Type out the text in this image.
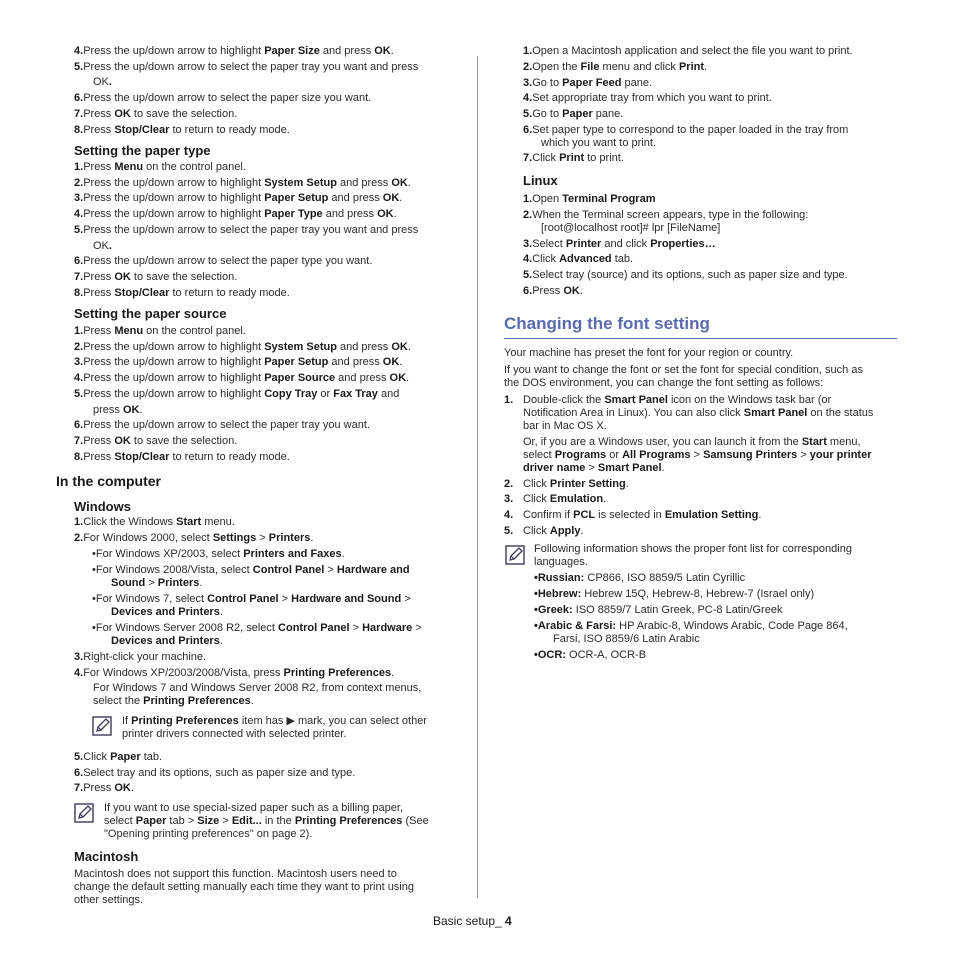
4.Press the up/down arrow to highlight Paper Size and press OK.
5.Press the up/down arrow to select the paper tray you want and press
OK.
6.Press the up/down arrow to select the paper size you want.
7.Press OK to save the selection.
8.Press Stop/Clear to return to ready mode.
Setting the paper type
1.Press Menu on the control panel.
2.Press the up/down arrow to highlight System Setup and press OK.
3.Press the up/down arrow to highlight Paper Setup and press OK.
4.Press the up/down arrow to highlight Paper Type and press OK.
5.Press the up/down arrow to select the paper tray you want and press
OK.
6.Press the up/down arrow to select the paper type you want.
7.Press OK to save the selection.
8.Press Stop/Clear to return to ready mode.
Setting the paper source
1.Press Menu on the control panel.
2.Press the up/down arrow to highlight System Setup and press OK.
3.Press the up/down arrow to highlight Paper Setup and press OK.
4.Press the up/down arrow to highlight Paper Source and press OK.
5.Press the up/down arrow to highlight Copy Tray or Fax Tray and
press OK.
6.Press the up/down arrow to select the paper tray you want.
7.Press OK to save the selection.
8.Press Stop/Clear to return to ready mode.
In the computer
Windows
1.Click the Windows Start menu.
2.For Windows 2000, select Settings > Printers.
•For Windows XP/2003, select Printers and Faxes.
•For Windows 2008/Vista, select Control Panel > Hardware and
Sound > Printers.
•For Windows 7, select Control Panel > Hardware and Sound >
Devices and Printers.
•For Windows Server 2008 R2, select Control Panel > Hardware >
Devices and Printers.
3.Right-click your machine.
4.For Windows XP/2003/2008/Vista, press Printing Preferences.
For Windows 7 and Windows Server 2008 R2, from context menus,
select the Printing Preferences.
If Printing Preferences item has ▶ mark, you can select other
printer drivers connected with selected printer.
5.Click Paper tab.
6.Select tray and its options, such as paper size and type.
7.Press OK.
If you want to use special-sized paper such as a billing paper,
select Paper tab > Size > Edit... in the Printing Preferences (See
"Opening printing preferences" on page 2).
Macintosh
Macintosh does not support this function. Macintosh users need to
change the default setting manually each time they want to print using
other settings.
1.Open a Macintosh application and select the file you want to print.
2.Open the File menu and click Print.
3.Go to Paper Feed pane.
4.Set appropriate tray from which you want to print.
5.Go to Paper pane.
6.Set paper type to correspond to the paper loaded in the tray from
which you want to print.
7.Click Print to print.
Linux
1.Open Terminal Program
2.When the Terminal screen appears, type in the following:
[root@localhost root]# lpr [FileName]
3.Select Printer and click Properties…
4.Click Advanced tab.
5.Select tray (source) and its options, such as paper size and type.
6.Press OK.
Your machine has preset the font for your region or country.
If you want to change the font or set the font for special condition, such as
the DOS environment, you can change the font setting as follows:
1. Double-click the Smart Panel icon on the Windows task bar (or
Notification Area in Linux). You can also click Smart Panel on the status
bar in Mac OS X.
Or, if you are a Windows user, you can launch it from the Start menu,
select Programs or All Programs > Samsung Printers > your printer
driver name > Smart Panel.
2. Click Printer Setting.
3. Click Emulation.
4. Confirm if PCL is selected in Emulation Setting.
5. Click Apply.
Following information shows the proper font list for corresponding
languages.
•Russian: CP866, ISO 8859/5 Latin Cyrillic
•Hebrew: Hebrew 15Q, Hebrew-8, Hebrew-7 (Israel only)
•Greek: ISO 8859/7 Latin Greek, PC-8 Latin/Greek
•Arabic & Farsi: HP Arabic-8, Windows Arabic, Code Page 864,
Farsi, ISO 8859/6 Latin Arabic
•OCR: OCR-A, OCR-B
Changing the font setting
Basic setup_ 4
